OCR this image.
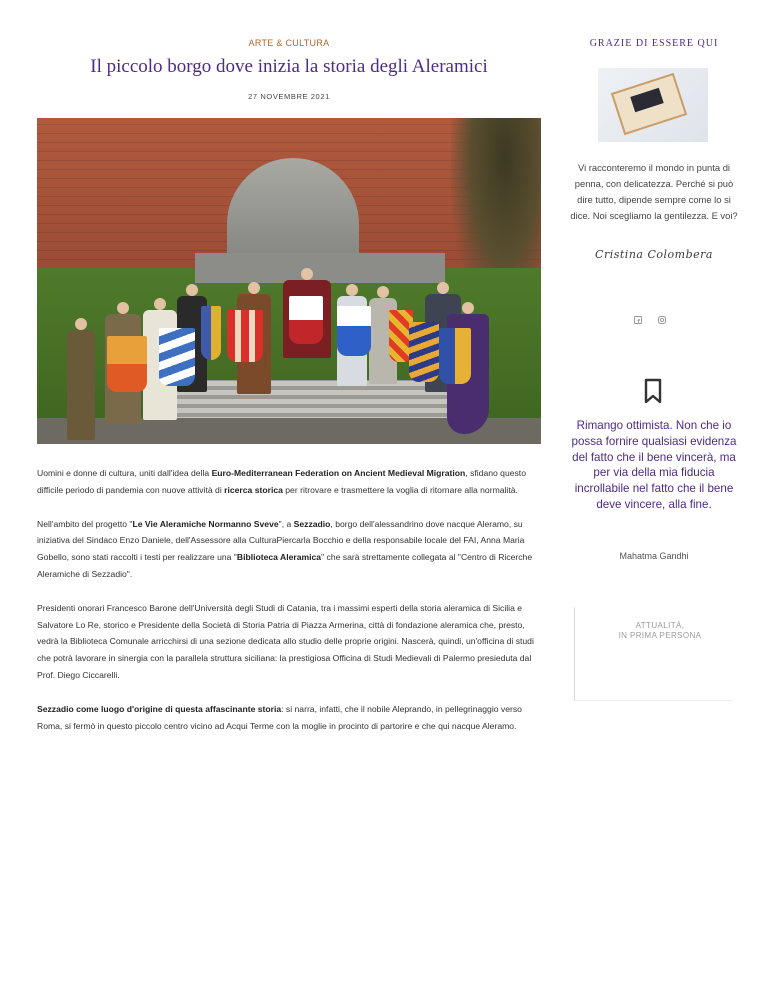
ARTE & CULTURA
Il piccolo borgo dove inizia la storia degli Aleramici
27 NOVEMBRE 2021

Uomini e donne di cultura, uniti dall'idea della Euro-Mediterranean Federation on Ancient Medieval Migration, sfidano questo difficile periodo di pandemia con nuove attività di ricerca storica per ritrovare e trasmettere la voglia di ritornare alla normalità.

Nell'ambito del progetto "Le Vie Aleramiche Normanno Sveve", a Sezzadio, borgo dell'alessandrino dove nacque Aleramo, su iniziativa del Sindaco Enzo Daniele, dell'Assessore alla CulturaPiercarla Bocchio e della responsabile locale del FAI, Anna Maria Gobello, sono stati raccolti i testi per realizzare una "Biblioteca Aleramica" che sarà strettamente collegata al "Centro di Ricerche Aleramiche di Sezzadio".

Presidenti onorari Francesco Barone dell'Università degli Studi di Catania, tra i massimi esperti della storia aleramica di Sicilia e Salvatore Lo Re, storico e Presidente della Società di Storia Patria di Piazza Armerina, città di fondazione aleramica che, presto, vedrà la Biblioteca Comunale arricchirsi di una sezione dedicata allo studio delle proprie origini. Nascerà, quindi, un'officina di studi che potrà lavorare in sinergia con la parallela struttura siciliana: la prestigiosa Officina di Studi Medievali di Palermo presieduta dal Prof. Diego Ciccarelli.

Sezzadio come luogo d'origine di questa affascinante storia: si narra, infatti, che il nobile Aleprando, in pellegrinaggio verso Roma, si fermò in questo piccolo centro vicino ad Acqui Terme con la moglie in procinto di partorire e che qui nacque Aleramo.

GRAZIE DI ESSERE QUI
Vi racconteremo il mondo in punta di penna, con delicatezza. Perché si può dire tutto, dipende sempre come lo si dice. Noi scegliamo la gentilezza. E voi?
Cristina Colombera
Rimango ottimista. Non che io possa fornire qualsiasi evidenza del fatto che il bene vincerà, ma per via della mia fiducia incrollabile nel fatto che il bene deve vincere, alla fine.
Mahatma Gandhi
ATTUALITÀ,
IN PRIMA PERSONA
